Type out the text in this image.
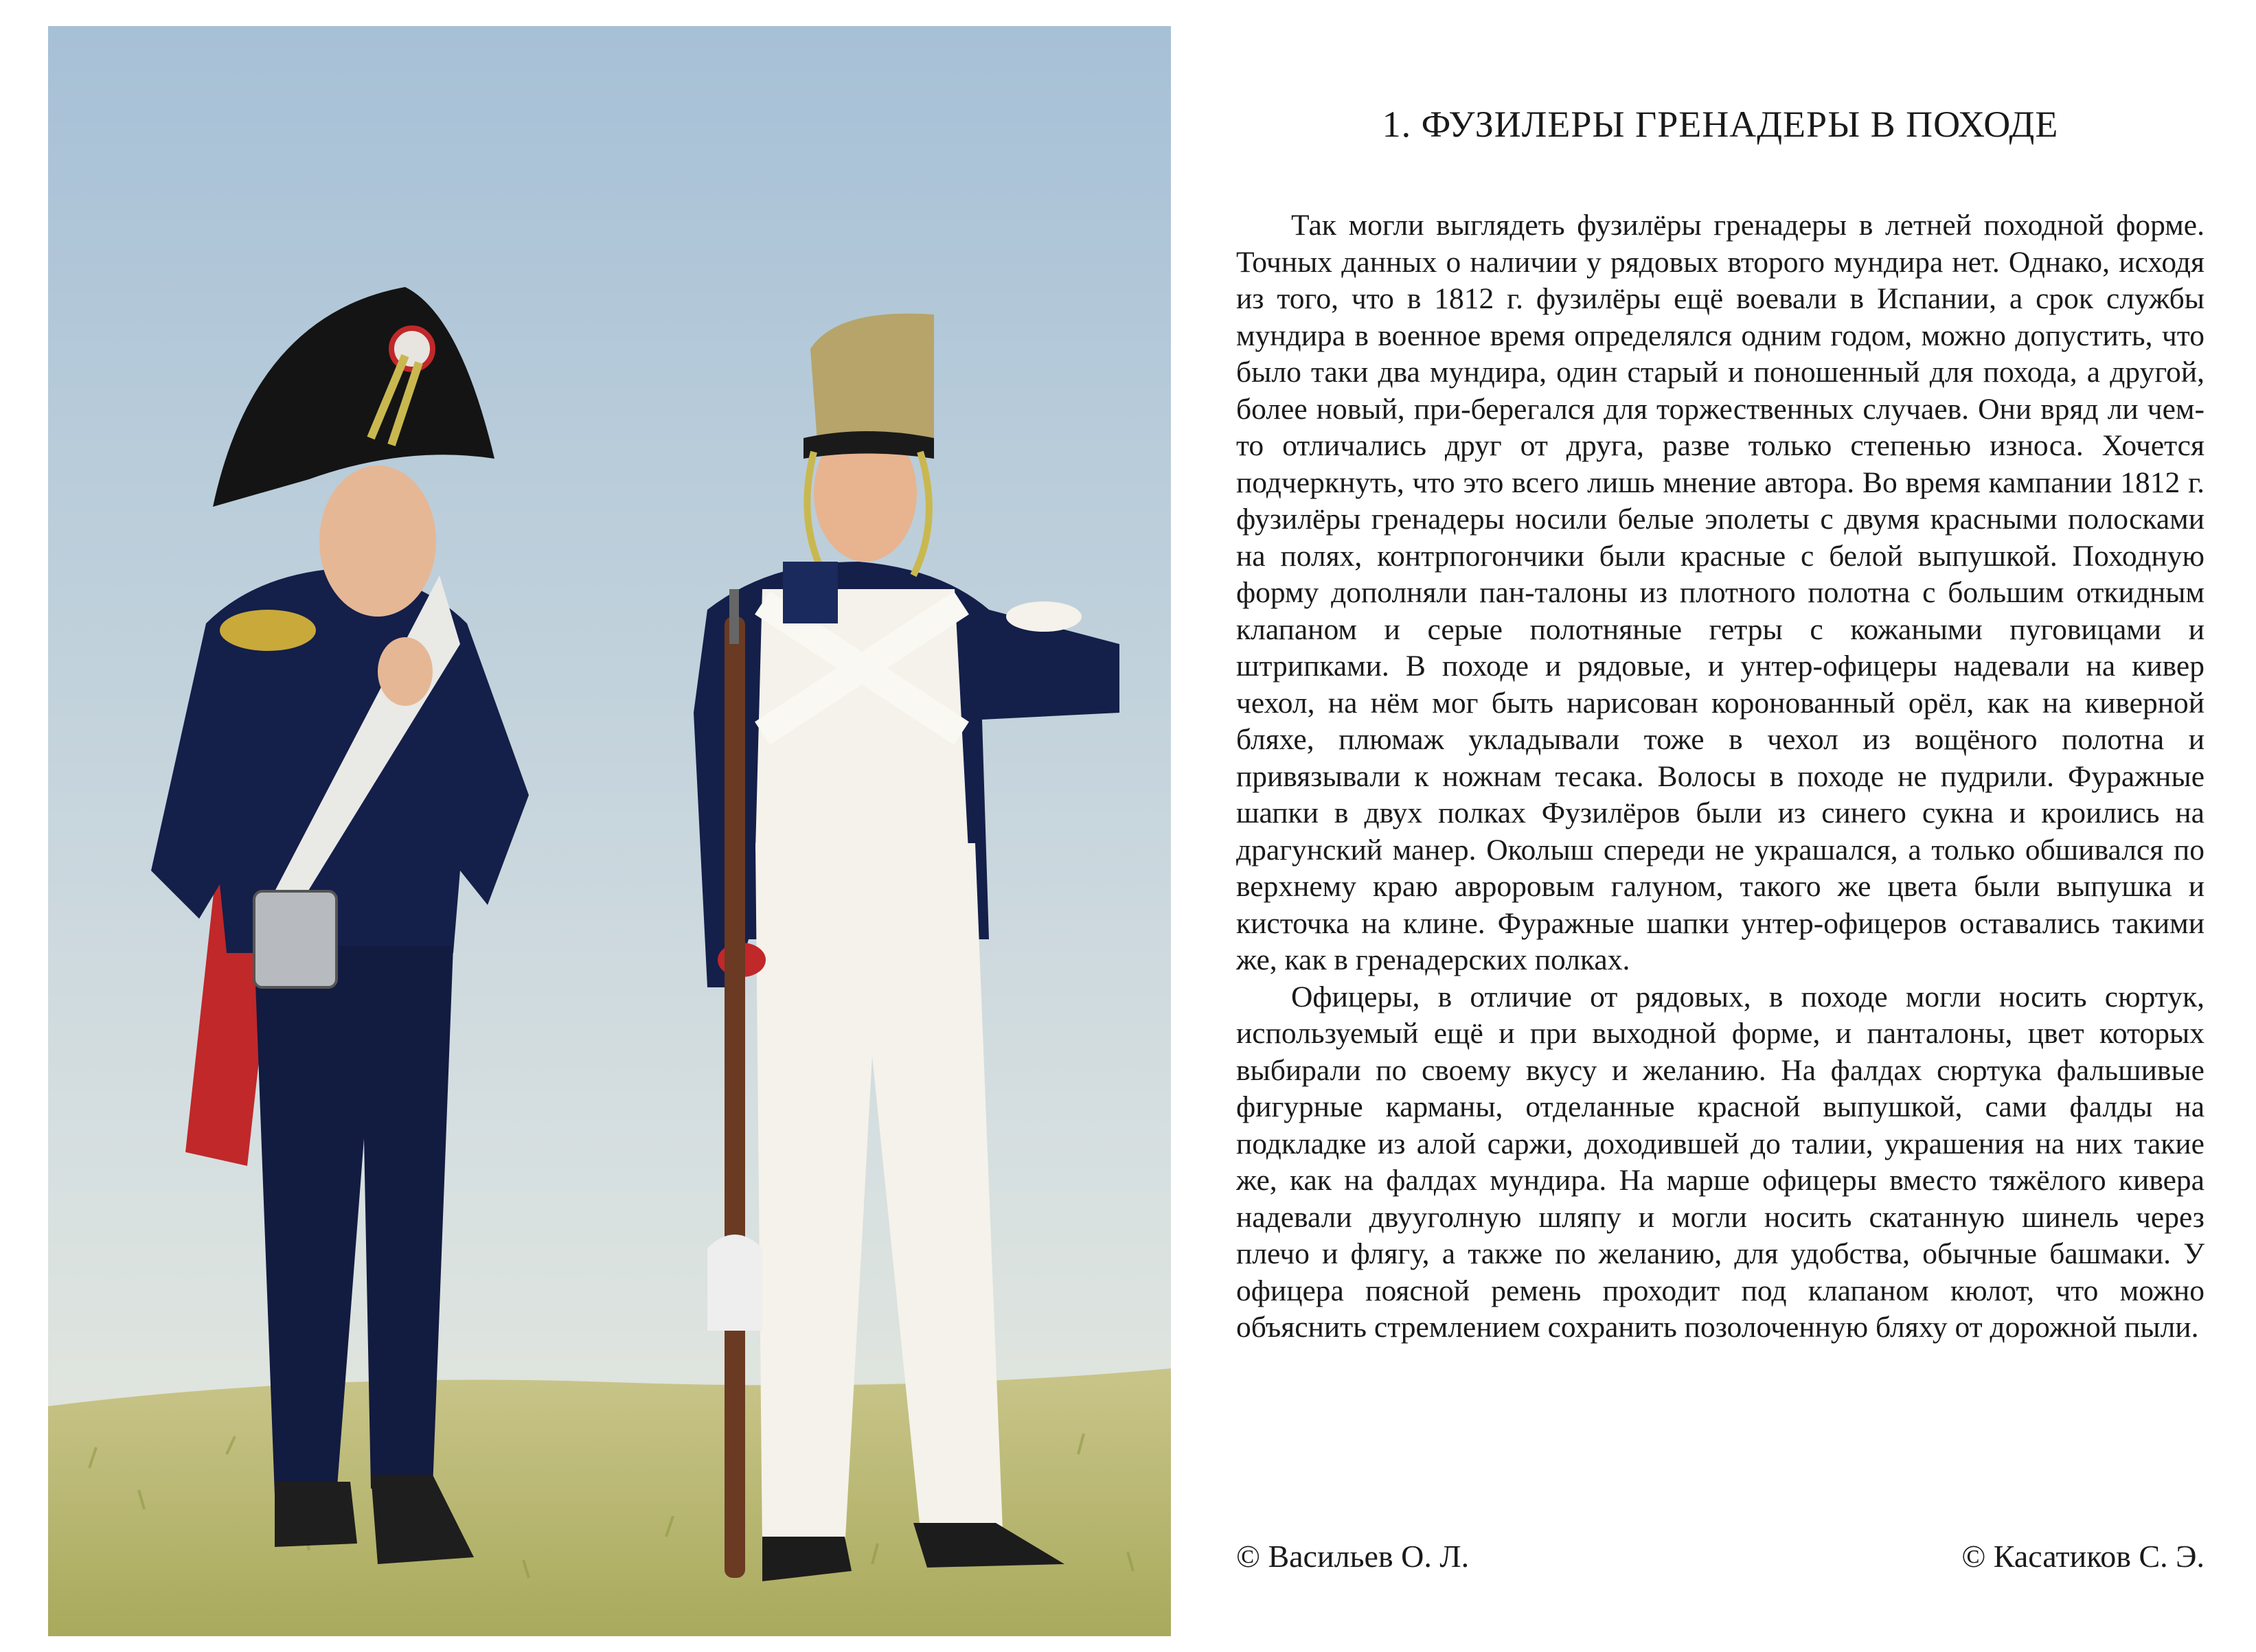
1. ФУЗИЛЕРЫ ГРЕНАДЕРЫ В ПОХОДЕ

Так могли выглядеть фузилёры гренадеры в летней походной форме. Точных данных о наличии у рядовых второго мундира нет. Однако, исходя из того, что в 1812 г. фузилёры ещё воевали в Испании, а срок службы мундира в военное время определялся одним годом, можно допустить, что было таки два мундира, один старый и поношенный для похода, а другой, более новый, при-берегался для торжественных случаев. Они вряд ли чем-то отличались друг от друга, разве только степенью износа. Хочется подчеркнуть, что это всего лишь мнение автора. Во время кампании 1812 г. фузилёры гренадеры носили белые эполеты с двумя красными полосками на полях, контрпогончики были красные с белой выпушкой. Походную форму дополняли пан-талоны из плотного полотна с большим откидным клапаном и серые полотняные гетры с кожаными пуговицами и штрипками. В походе и рядовые, и унтер-офицеры надевали на кивер чехол, на нём мог быть нарисован коронованный орёл, как на киверной бляхе, плюмаж укладывали тоже в чехол из вощёного полотна и привязывали к ножнам тесака. Волосы в походе не пудрили. Фуражные шапки в двух полках Фузилёров были из синего сукна и кроились на драгунский манер. Околыш спереди не украшался, а только обшивался по верхнему краю авроровым галуном, такого же цвета были выпушка и кисточка на клине. Фуражные шапки унтер-офицеров оставались такими же, как в гренадерских полках.

Офицеры, в отличие от рядовых, в походе могли носить сюртук, используемый ещё и при выходной форме, и панталоны, цвет которых выбирали по своему вкусу и желанию. На фалдах сюртука фальшивые фигурные карманы, отделанные красной выпушкой, сами фалды на подкладке из алой саржи, доходившей до талии, украшения на них такие же, как на фалдах мундира. На марше офицеры вместо тяжёлого кивера надевали двууголную шляпу и могли носить скатанную шинель через плечо и флягу, а также по желанию, для удобства, обычные башмаки. У офицера поясной ремень проходит под клапаном кюлот, что можно объяснить стремлением сохранить позолоченную бляху от дорожной пыли.

© Васильев О. Л.	© Касатиков С. Э.
